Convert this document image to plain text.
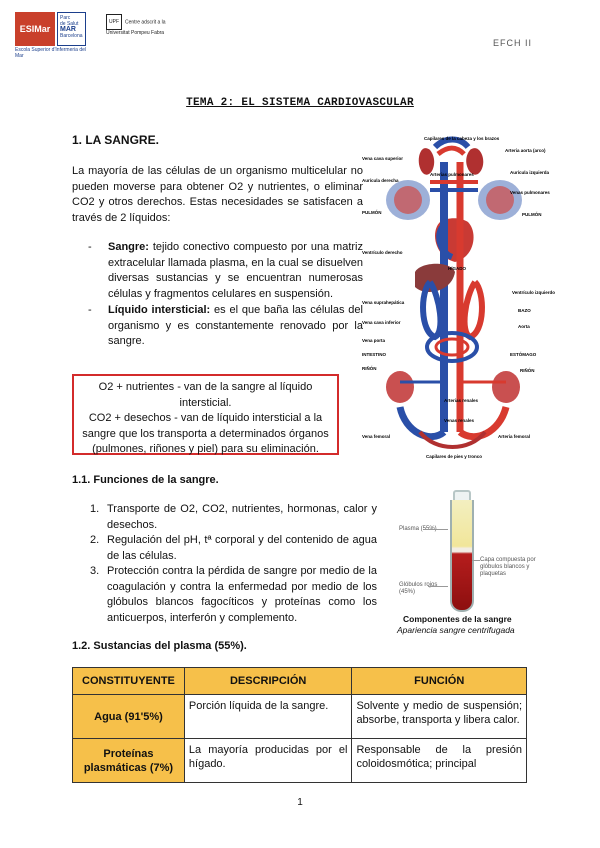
ESIMar
Parc
de Salut
MAR
Barcelona
Escola Superior d'Infermeria del Mar
UPF Centre adscrit a la Universitat Pompeu Fabra
EFCH II
TEMA 2: EL SISTEMA CARDIOVASCULAR
1. LA SANGRE.
La mayoría de las células de un organismo multicelular no pueden moverse para obtener O2 y nutrientes, o eliminar CO2 y otros derechos. Estas necesidades se satisfacen a través de 2 líquidos:
- Sangre: tejido conectivo compuesto por una matriz extracelular llamada plasma, en la cual se disuelven diversas sustancias y se encuentran numerosas células y fragmentos celulares en suspensión.
- Líquido intersticial: es el que baña las células del organismo y es constantemente renovado por la sangre.
O2 + nutrientes - van de la sangre al líquido intersticial.
CO2 + desechos - van de líquido intersticial a la sangre que los transporta a determinados órganos (pulmones, riñones y piel) para su eliminación.
Capilares de la cabeza y los brazos
Vena cava superior
Arteria aorta (arco)
Arterias pulmonares
Aurícula derecha
Aurícula izquierda
Venas pulmonares
PULMÓN	PULMÓN
HÍGADO
Ventrículo derecho
Ventrículo izquierdo
Vena suprahepática
Vena cava inferior
Vena porta
BAZO
Aorta
INTESTINO	ESTÓMAGO
RIÑÓN	RIÑÓN
Arterias renales
Venas renales
Vena femoral	Arteria femoral
Capilares de pies y tronco
1.1. Funciones de la sangre.
1. Transporte de O2, CO2, nutrientes, hormonas, calor y desechos.
2. Regulación del pH, tª corporal y del contenido de agua de las células.
3. Protección contra la pérdida de sangre por medio de la coagulación y contra la enfermedad por medio de los glóbulos blancos fagocíticos y proteínas como los anticuerpos, interferón y complemento.
Plasma (55%)
Capa compuesta por glóbulos blancos y plaquetas
Glóbulos rojos (45%)
Componentes de la sangre
Apariencia sangre centrifugada
1.2. Sustancias del plasma (55%).
CONSTITUYENTE	DESCRIPCIÓN	FUNCIÓN
Agua (91'5%)	Porción líquida de la sangre.	Solvente y medio de suspensión; absorbe, transporta y libera calor.
Proteínas plasmáticas (7%)	La mayoría producidas por el hígado.	Responsable de la presión coloidosmótica; principal
1
